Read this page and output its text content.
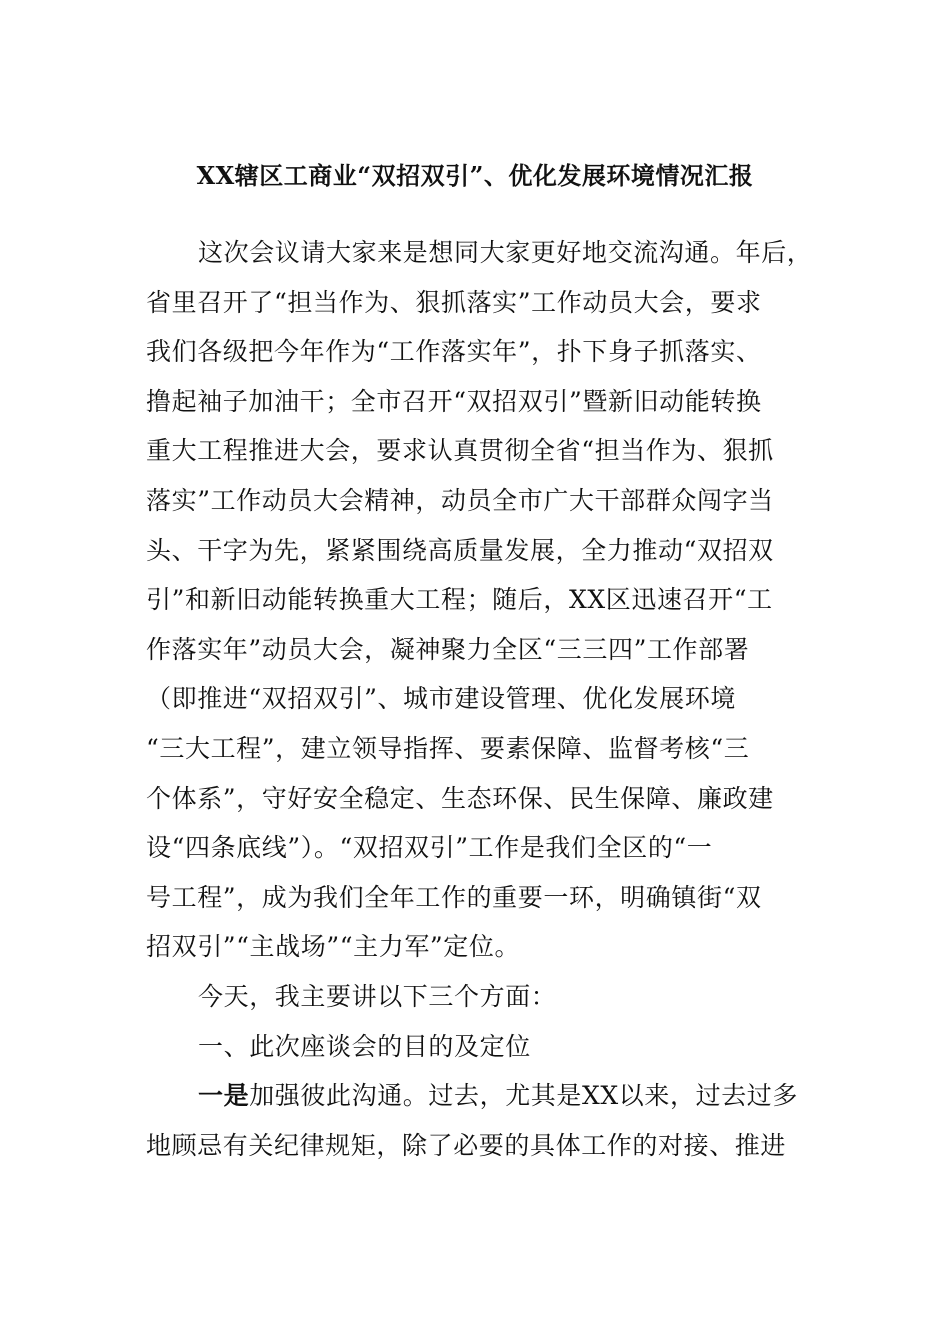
XX辖区工商业“双招双引”、优化发展环境情况汇报
这次会议请大家来是想同大家更好地交流沟通。年后，
省里召开了“担当作为、狠抓落实”工作动员大会，要求
我们各级把今年作为“工作落实年”，扑下身子抓落实、
撸起袖子加油干；全市召开“双招双引”暨新旧动能转换
重大工程推进大会，要求认真贯彻全省“担当作为、狠抓
落实”工作动员大会精神，动员全市广大干部群众闯字当
头、干字为先，紧紧围绕高质量发展，全力推动“双招双
引”和新旧动能转换重大工程；随后，XX区迅速召开“工
作落实年”动员大会，凝神聚力全区“三三四”工作部署
（即推进“双招双引”、城市建设管理、优化发展环境
“三大工程”，建立领导指挥、要素保障、监督考核“三
个体系”，守好安全稳定、生态环保、民生保障、廉政建
设“四条底线”）。“双招双引”工作是我们全区的“一
号工程”，成为我们全年工作的重要一环，明确镇街“双
招双引”“主战场”“主力军”定位。
今天，我主要讲以下三个方面：
一、此次座谈会的目的及定位
一是加强彼此沟通。过去，尤其是XX以来，过去过多
地顾忌有关纪律规矩，除了必要的具体工作的对接、推进
